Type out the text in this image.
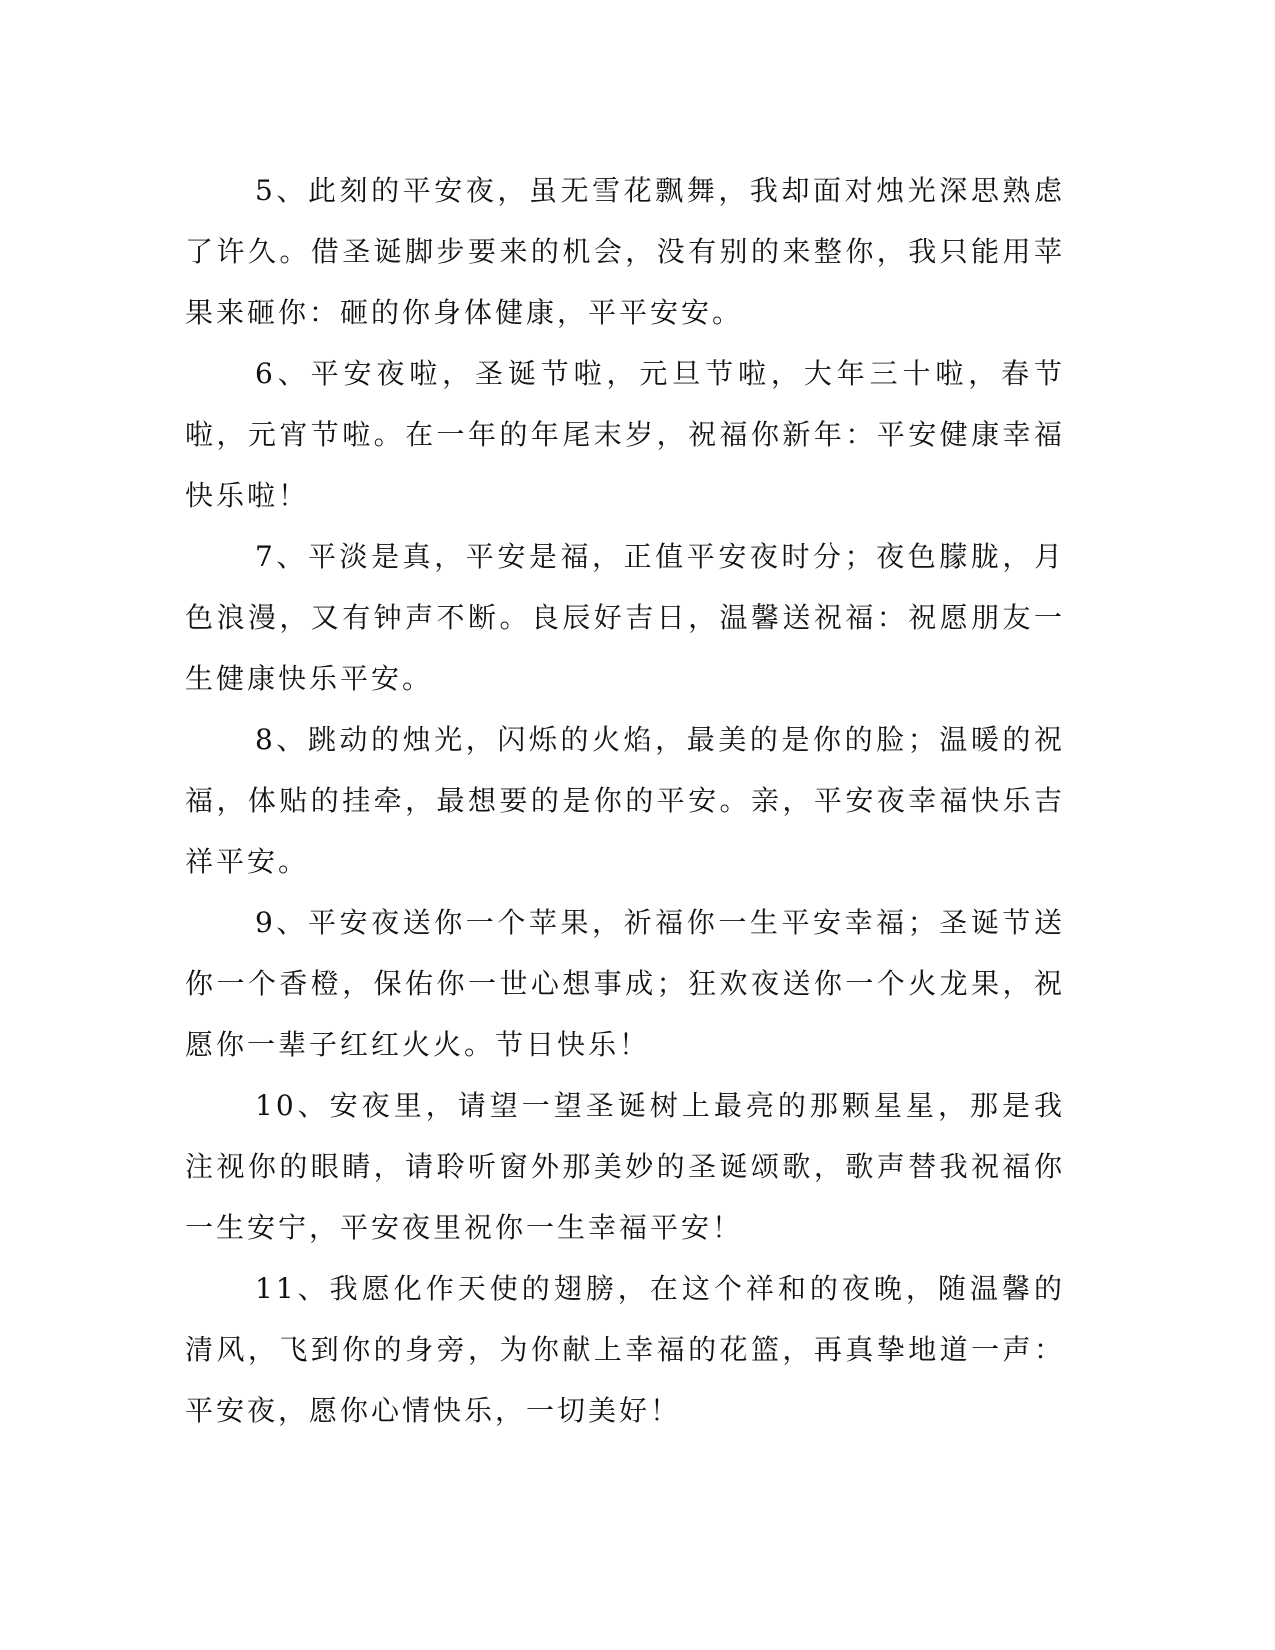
5、此刻的平安夜，虽无雪花飘舞，我却面对烛光深思熟虑了许久。借圣诞脚步要来的机会，没有别的来整你，我只能用苹果来砸你：砸的你身体健康，平平安安。

6、平安夜啦，圣诞节啦，元旦节啦，大年三十啦，春节啦，元宵节啦。在一年的年尾末岁，祝福你新年：平安健康幸福快乐啦！

7、平淡是真，平安是福，正值平安夜时分；夜色朦胧，月色浪漫，又有钟声不断。良辰好吉日，温馨送祝福：祝愿朋友一生健康快乐平安。

8、跳动的烛光，闪烁的火焰，最美的是你的脸；温暖的祝福，体贴的挂牵，最想要的是你的平安。亲，平安夜幸福快乐吉祥平安。

9、平安夜送你一个苹果，祈福你一生平安幸福；圣诞节送你一个香橙，保佑你一世心想事成；狂欢夜送你一个火龙果，祝愿你一辈子红红火火。节日快乐！

10、安夜里，请望一望圣诞树上最亮的那颗星星，那是我注视你的眼睛，请聆听窗外那美妙的圣诞颂歌，歌声替我祝福你一生安宁，平安夜里祝你一生幸福平安！

11、我愿化作天使的翅膀，在这个祥和的夜晚，随温馨的清风，飞到你的身旁，为你献上幸福的花篮，再真挚地道一声：平安夜，愿你心情快乐，一切美好！
